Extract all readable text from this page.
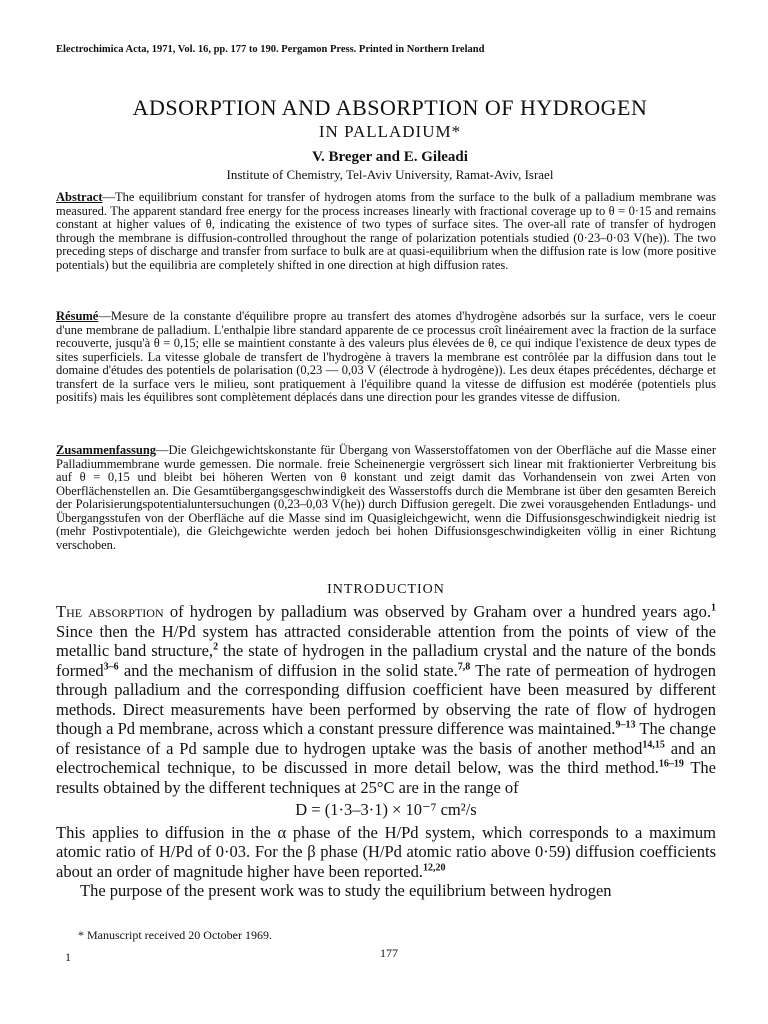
Electrochimica Acta, 1971, Vol. 16, pp. 177 to 190. Pergamon Press. Printed in Northern Ireland
ADSORPTION AND ABSORPTION OF HYDROGEN
IN PALLADIUM*
V. Breger and E. Gileadi
Institute of Chemistry, Tel-Aviv University, Ramat-Aviv, Israel
Abstract—The equilibrium constant for transfer of hydrogen atoms from the surface to the bulk of a palladium membrane was measured. The apparent standard free energy for the process increases linearly with fractional coverage up to θ = 0·15 and remains constant at higher values of θ, indicating the existence of two types of surface sites. The over-all rate of transfer of hydrogen through the membrane is diffusion-controlled throughout the range of polarization potentials studied (0·23–0·03 V(he)). The two preceding steps of discharge and transfer from surface to bulk are at quasi-equilibrium when the diffusion rate is low (more positive potentials) but the equilibria are completely shifted in one direction at high diffusion rates.
Résumé—Mesure de la constante d'équilibre propre au transfert des atomes d'hydrogène adsorbés sur la surface, vers le coeur d'une membrane de palladium. L'enthalpie libre standard apparente de ce processus croît linéairement avec la fraction de la surface recouverte, jusqu'à θ = 0,15; elle se maintient constante à des valeurs plus élevées de θ, ce qui indique l'existence de deux types de sites superficiels. La vitesse globale de transfert de l'hydrogène à travers la membrane est contrôlée par la diffusion dans tout le domaine d'études des potentiels de polarisation (0,23 — 0,03 V (électrode à hydrogène)). Les deux étapes précédentes, décharge et transfert de la surface vers le milieu, sont pratiquement à l'équilibre quand la vitesse de diffusion est modérée (potentiels plus positifs) mais les équilibres sont complètement déplacés dans une direction pour les grandes vitesse de diffusion.
Zusammenfassung—Die Gleichgewichtskonstante für Übergang von Wasserstoffatomen von der Oberfläche auf die Masse einer Palladiummembrane wurde gemessen. Die normale. freie Scheinenergie vergrössert sich linear mit fraktionierter Verbreitung bis auf θ = 0,15 und bleibt bei höheren Werten von θ konstant und zeigt damit das Vorhandensein von zwei Arten von Oberflächenstellen an. Die Gesamtübergangsgeschwindigkeit des Wasserstoffs durch die Membrane ist über den gesamten Bereich der Polarisierungspotentialuntersuchungen (0,23–0,03 V(he)) durch Diffusion geregelt. Die zwei vorausgehenden Entladungs- und Übergangsstufen von der Oberfläche auf die Masse sind im Quasigleichgewicht, wenn die Diffusionsgeschwindigkeit niedrig ist (mehr Postivpotentiale), die Gleichgewichte werden jedoch bei hohen Diffusionsgeschwindigkeiten völlig in einer Richtung verschoben.
INTRODUCTION

The absorption of hydrogen by palladium was observed by Graham over a hundred years ago.$^1$ Since then the H/Pd system has attracted considerable attention from the points of view of the metallic band structure,$^2$ the state of hydrogen in the palladium crystal and the nature of the bonds formed$^{3-6}$ and the mechanism of diffusion in the solid state.$^{7,8}$ The rate of permeation of hydrogen through palladium and the corresponding diffusion coefficient have been measured by different methods. Direct measurements have been performed by observing the rate of flow of hydrogen though a Pd membrane, across which a constant pressure difference was maintained.$^{9-13}$ The change of resistance of a Pd sample due to hydrogen uptake was the basis of another method$^{14,15}$ and an electrochemical technique, to be discussed in more detail below, was the third method.$^{16-19}$ The results obtained by the different techniques at 25°C are in the range of

D = (1·3–3·1) × 10⁻⁷ cm²/s

This applies to diffusion in the α phase of the H/Pd system, which corresponds to a maximum atomic ratio of H/Pd of 0·03. For the β phase (H/Pd atomic ratio above 0·59) diffusion coefficients about an order of magnitude higher have been reported.$^{12,20}$

The purpose of the present work was to study the equilibrium between hydrogen

* Manuscript received 20 October 1969.
177
1
